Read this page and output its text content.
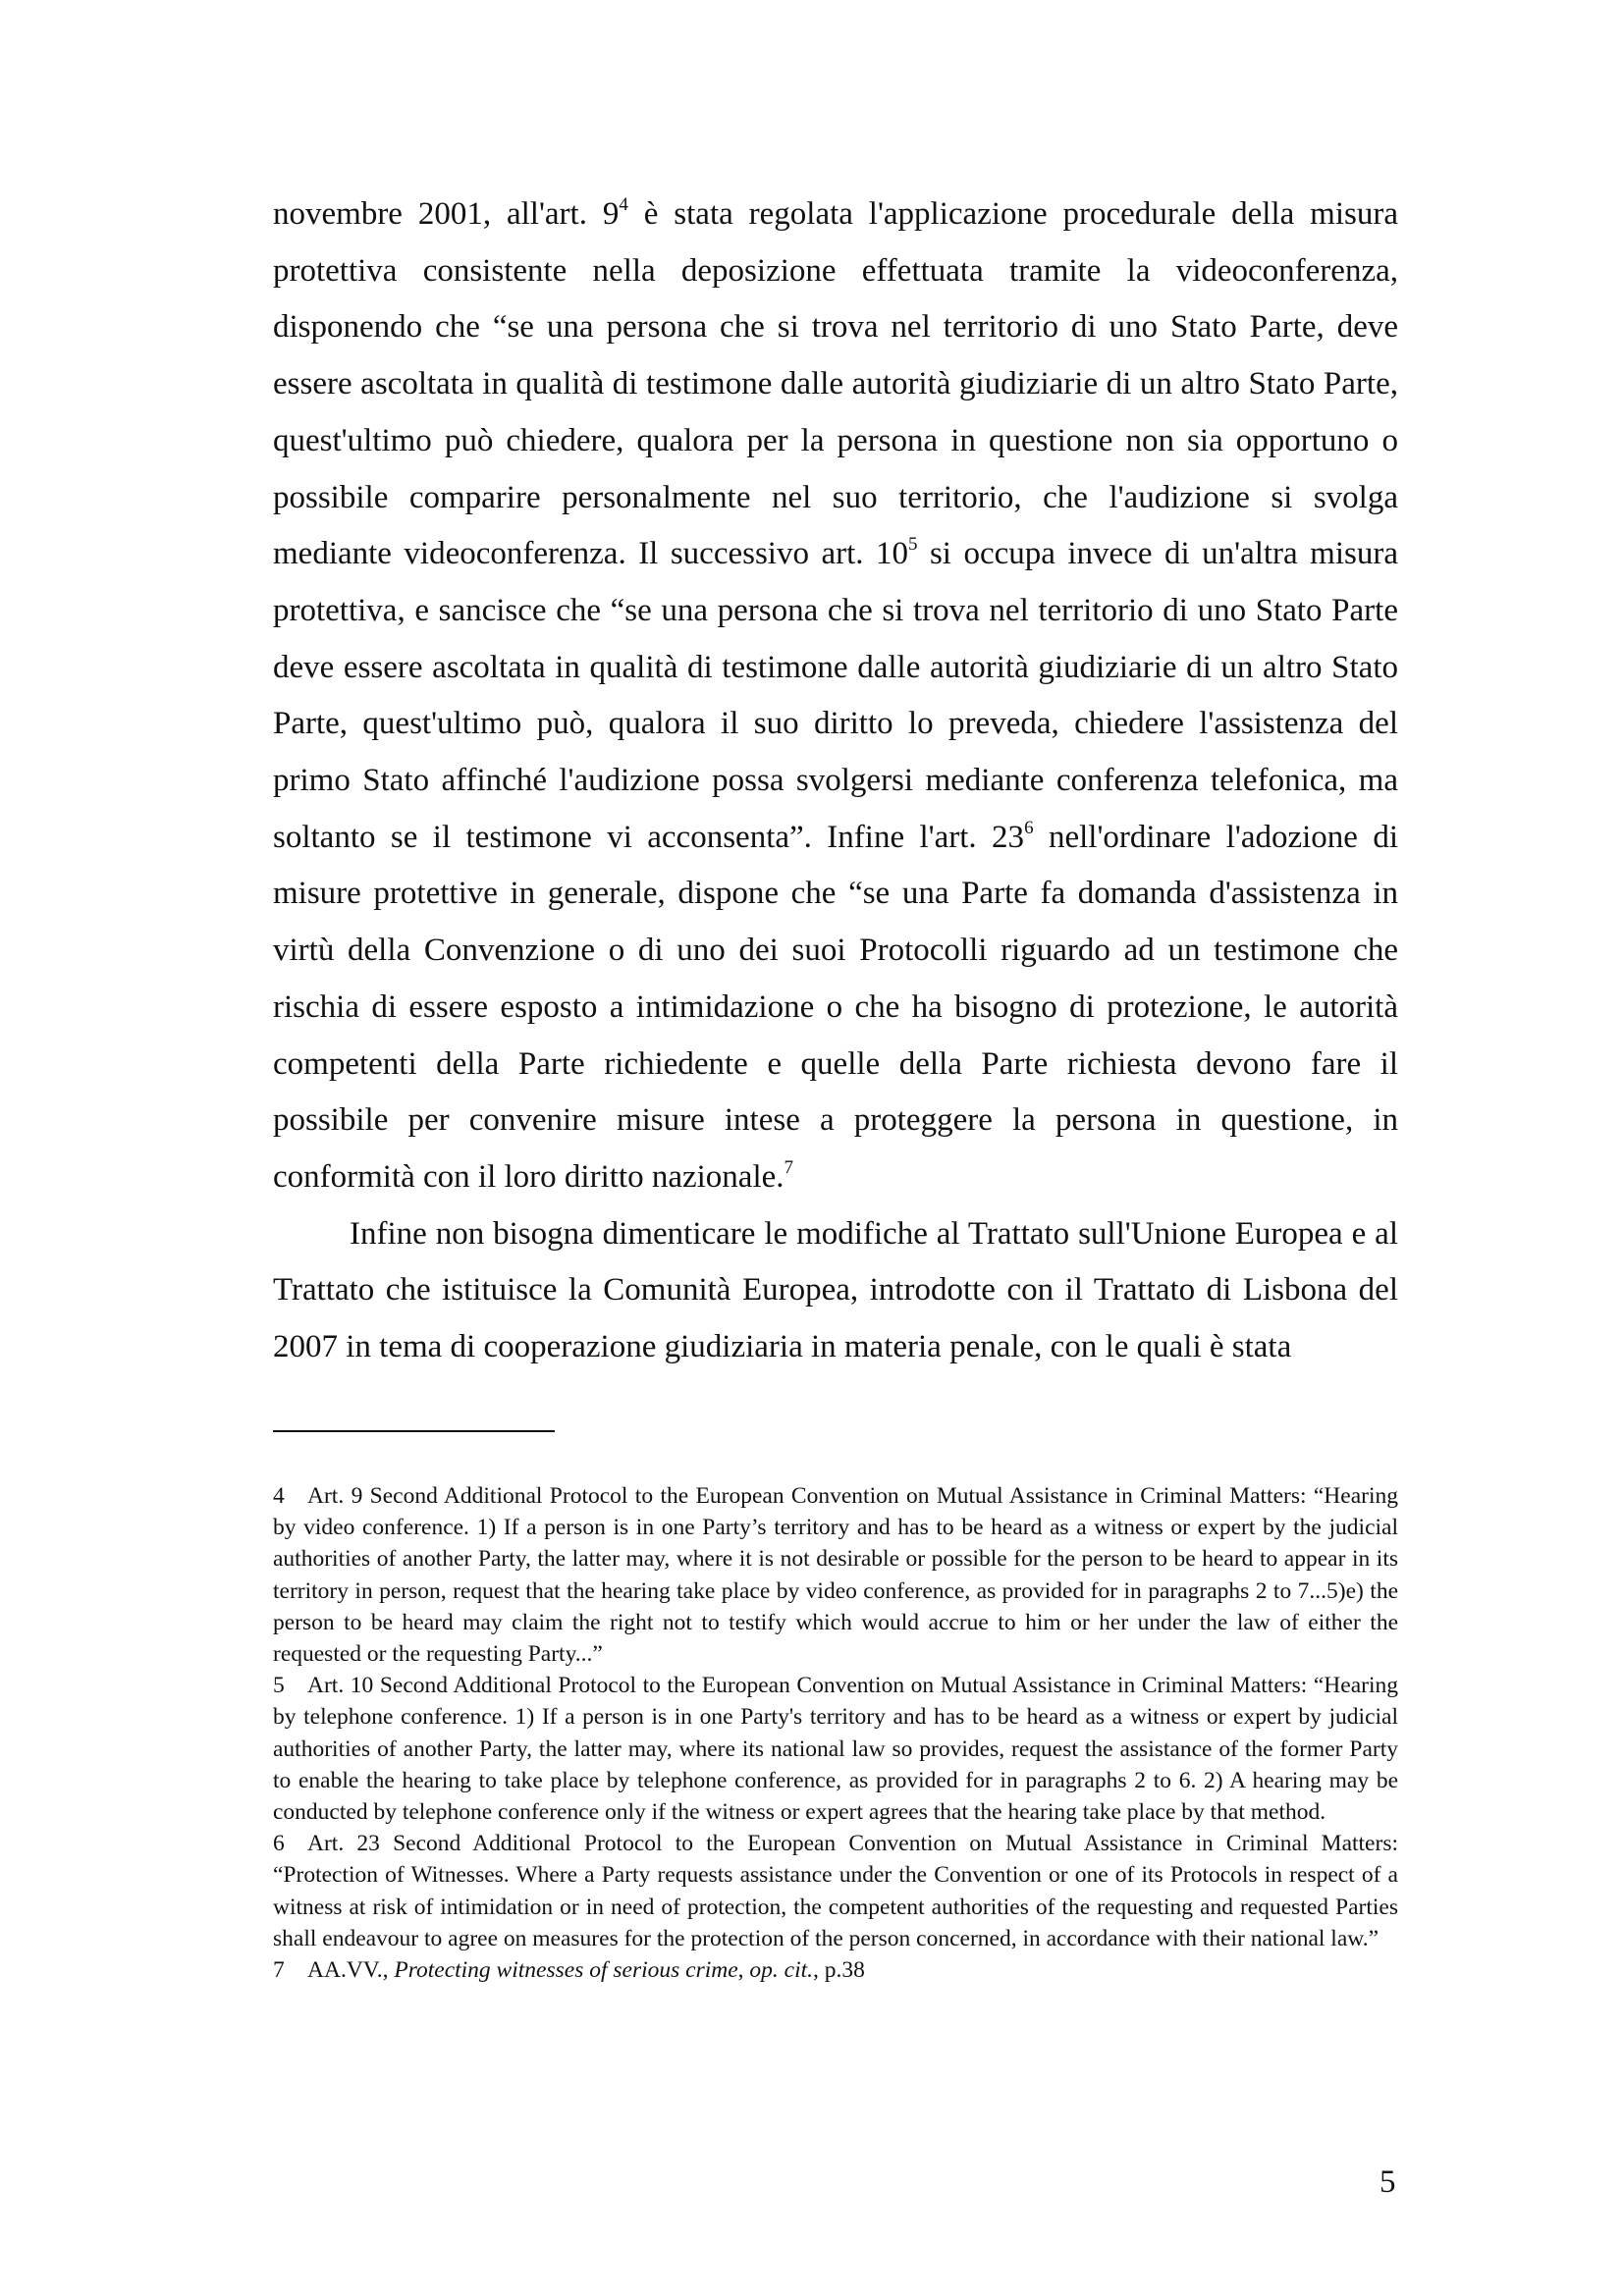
novembre 2001, all'art. $9^4$ è stata regolata l'applicazione procedurale della misura protettiva consistente nella deposizione effettuata tramite la videoconferenza, disponendo che “se una persona che si trova nel territorio di uno Stato Parte, deve essere ascoltata in qualità di testimone dalle autorità giudiziarie di un altro Stato Parte, quest'ultimo può chiedere, qualora per la persona in questione non sia opportuno o possibile comparire personalmente nel suo territorio, che l'audizione si svolga mediante videoconferenza. Il successivo art. $10^5$ si occupa invece di un'altra misura protettiva, e sancisce che “se una persona che si trova nel territorio di uno Stato Parte deve essere ascoltata in qualità di testimone dalle autorità giudiziarie di un altro Stato Parte, quest'ultimo può, qualora il suo diritto lo preveda, chiedere l'assistenza del primo Stato affinché l'audizione possa svolgersi mediante conferenza telefonica, ma soltanto se il testimone vi acconsenta”. Infine l'art. $23^6$ nell'ordinare l'adozione di misure protettive in generale, dispone che “se una Parte fa domanda d'assistenza in virtù della Convenzione o di uno dei suoi Protocolli riguardo ad un testimone che rischia di essere esposto a intimidazione o che ha bisogno di protezione, le autorità competenti della Parte richiedente e quelle della Parte richiesta devono fare il possibile per convenire misure intese a proteggere la persona in questione, in conformità con il loro diritto nazionale.$^7$

Infine non bisogna dimenticare le modifiche al Trattato sull'Unione Europea e al Trattato che istituisce la Comunità Europea, introdotte con il Trattato di Lisbona del 2007 in tema di cooperazione giudiziaria in materia penale, con le quali è stata

4 Art. 9 Second Additional Protocol to the European Convention on Mutual Assistance in Criminal Matters: “Hearing by video conference. 1) If a person is in one Party’s territory and has to be heard as a witness or expert by the judicial authorities of another Party, the latter may, where it is not desirable or possible for the person to be heard to appear in its territory in person, request that the hearing take place by video conference, as provided for in paragraphs 2 to 7...5)e) the person to be heard may claim the right not to testify which would accrue to him or her under the law of either the requested or the requesting Party...”

5 Art. 10 Second Additional Protocol to the European Convention on Mutual Assistance in Criminal Matters: “Hearing by telephone conference. 1) If a person is in one Party's territory and has to be heard as a witness or expert by judicial authorities of another Party, the latter may, where its national law so provides, request the assistance of the former Party to enable the hearing to take place by telephone conference, as provided for in paragraphs 2 to 6. 2) A hearing may be conducted by telephone conference only if the witness or expert agrees that the hearing take place by that method.

6 Art. 23 Second Additional Protocol to the European Convention on Mutual Assistance in Criminal Matters: “Protection of Witnesses. Where a Party requests assistance under the Convention or one of its Protocols in respect of a witness at risk of intimidation or in need of protection, the competent authorities of the requesting and requested Parties shall endeavour to agree on measures for the protection of the person concerned, in accordance with their national law.”

7 AA.VV., Protecting witnesses of serious crime, op. cit., p.38

5
